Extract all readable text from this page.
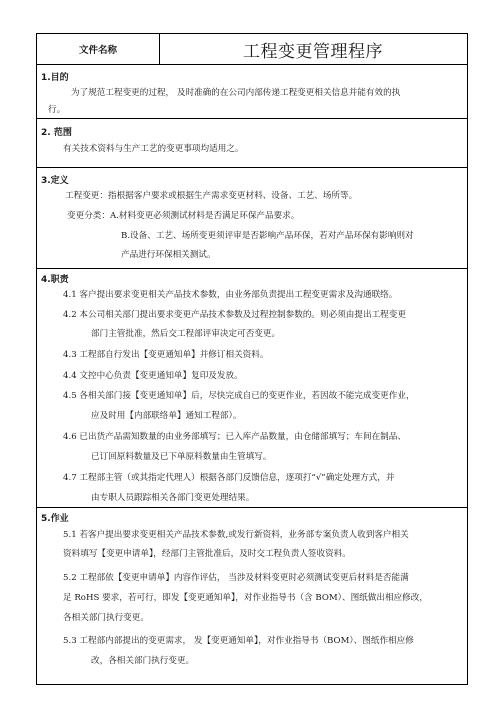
文件名称	工程变更管理程序
1.目的
为了规范工程变更的过程， 及时准确的在公司内部传递工程变更相关信息并能有效的执
行。
2. 范围
有关技术资料与生产工艺的变更事项均适用之。
3.定义
工程变更：指根据客户要求或根据生产需求变更材料、设备、工艺、场所等。
变更分类：A.材料变更必须测试材料是否满足环保产品要求。
B.设备、工艺、场所变更须评审是否影响产品环保，若对产品环保有影响则对
产品进行环保相关测试。
4.职责
4.1 客户提出要求变更相关产品技术参数，由业务部负责提出工程变更需求及沟通联络。
4.2 本公司相关部门提出要求变更产品技术参数及过程控制参数的。则必须由提出工程变更
部门主管批准，然后交工程部评审决定可否变更。
4.3 工程部自行发出【变更通知单】并修订相关资料。
4.4 文控中心负责【变更通知单】复印及发放。
4.5 各相关部门接【变更通知单】后，尽快完成自已的变更作业，若因故不能完成变更作业，
应及时用【内部联络单】通知工程部）。
4.6 已出货产品需知数量的由业务部填写；已入库产品数量，由仓储部填写；车间在制品、
已订回原料数量及已下单原料数量由生管填写。
4.7 工程部主管（或其指定代理人）根据各部门反馈信息，逐项打“√”确定处理方式，并
由专职人员跟踪相关各部门变更处理结果。
5.作业
5.1 若客户提出要求变更相关产品技术参数,或发行新资料，业务部专案负责人收到客户相关
资料填写【变更申请单】，经部门主管批准后，及时交工程负责人签收资料。
5.2 工程部依【变更申请单】内容作评估， 当涉及材料变更时必须测试变更后材料是否能满
足 RoHS 要求，若可行，即发【变更通知单】，对作业指导书（含 BOM）、图纸做出相应修改，
各相关部门执行变更。
5.3 工程部内部提出的变更需求， 发【变更通知单】，对作业指导书（BOM）、图纸作相应修
改，各相关部门执行变更。
